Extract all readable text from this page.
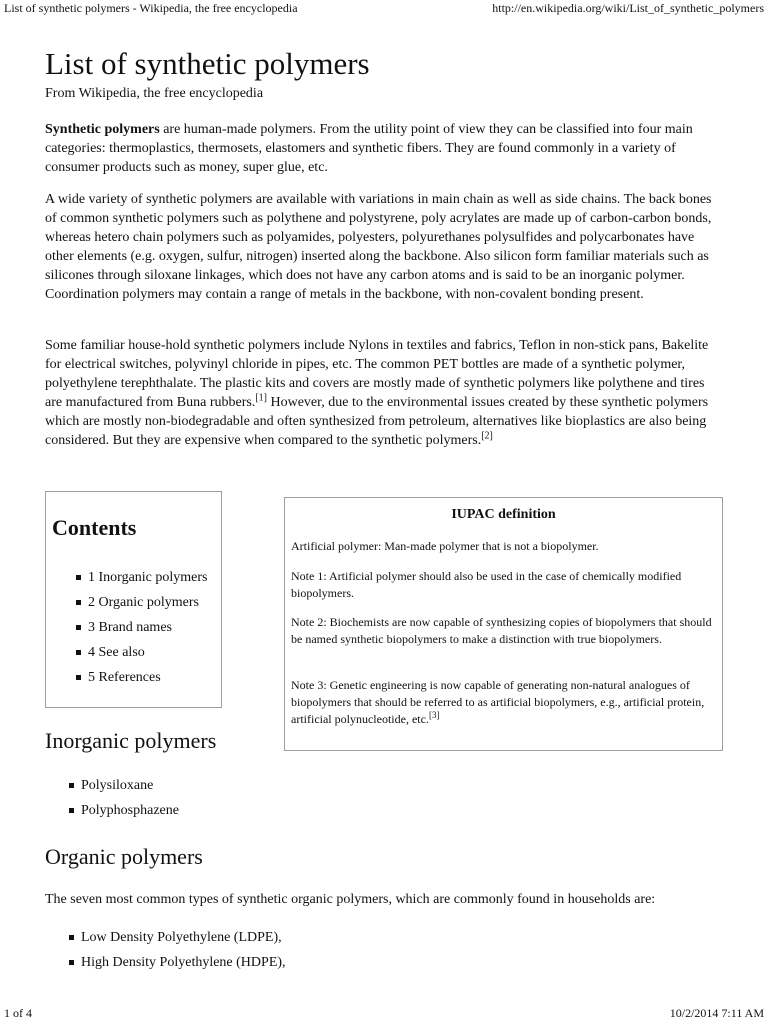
List of synthetic polymers - Wikipedia, the free encyclopedia	http://en.wikipedia.org/wiki/List_of_synthetic_polymers
List of synthetic polymers
From Wikipedia, the free encyclopedia

Synthetic polymers are human-made polymers. From the utility point of view they can be classified into four main categories: thermoplastics, thermosets, elastomers and synthetic fibers. They are found commonly in a variety of consumer products such as money, super glue, etc.

A wide variety of synthetic polymers are available with variations in main chain as well as side chains. The back bones of common synthetic polymers such as polythene and polystyrene, poly acrylates are made up of carbon-carbon bonds, whereas hetero chain polymers such as polyamides, polyesters, polyurethanes polysulfides and polycarbonates have other elements (e.g. oxygen, sulfur, nitrogen) inserted along the backbone. Also silicon form familiar materials such as silicones through siloxane linkages, which does not have any carbon atoms and is said to be an inorganic polymer. Coordination polymers may contain a range of metals in the backbone, with non-covalent bonding present.

Some familiar house-hold synthetic polymers include Nylons in textiles and fabrics, Teflon in non-stick pans, Bakelite for electrical switches, polyvinyl chloride in pipes, etc. The common PET bottles are made of a synthetic polymer, polyethylene terephthalate. The plastic kits and covers are mostly made of synthetic polymers like polythene and tires are manufactured from Buna rubbers.[1] However, due to the environmental issues created by these synthetic polymers which are mostly non-biodegradable and often synthesized from petroleum, alternatives like bioplastics are also being considered. But they are expensive when compared to the synthetic polymers.[2]

Contents
1 Inorganic polymers
2 Organic polymers
3 Brand names
4 See also
5 References
IUPAC definition

Artificial polymer: Man-made polymer that is not a biopolymer.

Note 1: Artificial polymer should also be used in the case of chemically modified biopolymers.

Note 2: Biochemists are now capable of synthesizing copies of biopolymers that should be named synthetic biopolymers to make a distinction with true biopolymers.

Note 3: Genetic engineering is now capable of generating non-natural analogues of biopolymers that should be referred to as artificial biopolymers, e.g., artificial protein, artificial polynucleotide, etc.[3]

Inorganic polymers
Polysiloxane
Polyphosphazene
Organic polymers

The seven most common types of synthetic organic polymers, which are commonly found in households are:

Low Density Polyethylene (LDPE),
High Density Polyethylene (HDPE),
1 of 4	10/2/2014 7:11 AM
